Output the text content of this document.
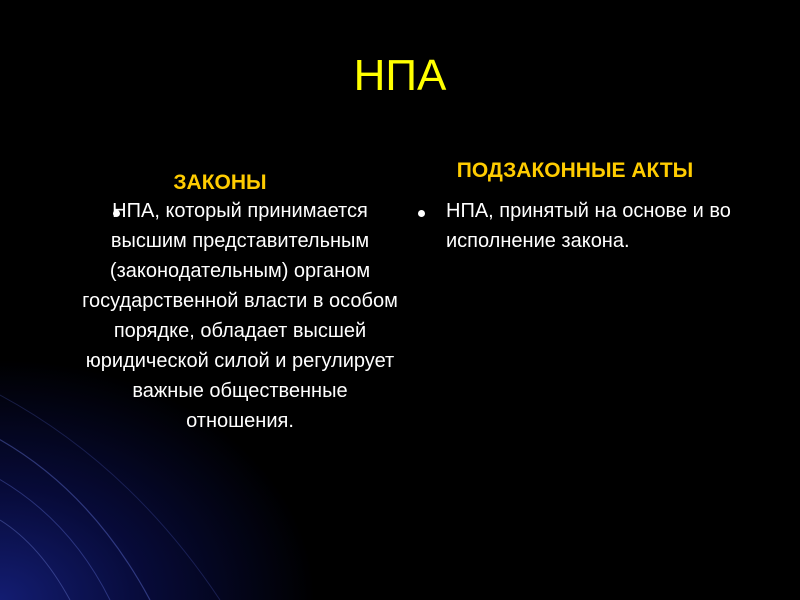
НПА
ЗАКОНЫ
ПОДЗАКОННЫЕ АКТЫ
НПА, который принимается высшим представительным (законодательным) органом государственной власти в особом порядке, обладает высшей юридической силой и регулирует важные общественные отношения.
НПА, принятый на основе и во исполнение закона.
